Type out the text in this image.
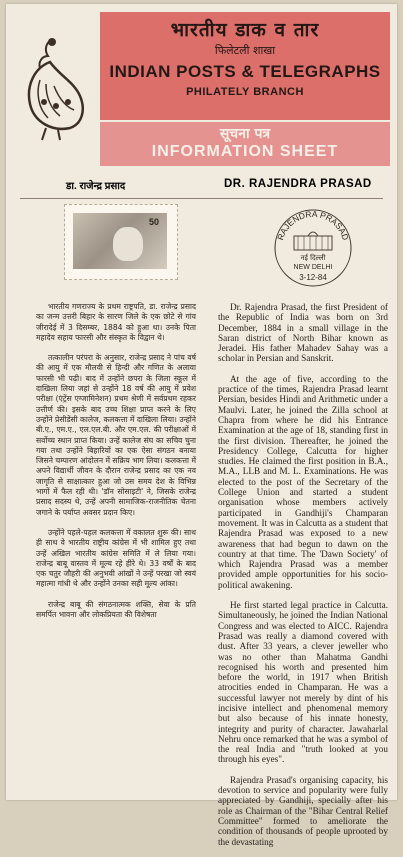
भारतीय डाक व तार
फिलेटली शाखा
INDIAN POSTS & TELEGRAPHS
PHILATELY BRANCH
सूचना पत्र
INFORMATION SHEET
डा. राजेन्द्र प्रसाद	DR. RAJENDRA PRASAD
50
RAJENDRA PRASAD
नई दिल्ली
NEW DELHI
3-12-84

भारतीय गणराज्य के प्रथम राष्ट्रपति, डा. राजेन्द्र प्रसाद का जन्म उत्तरी बिहार के सारण जिले के एक छोटे से गांव जीरादेई में 3 दिसम्बर, 1884 को हुआ था। उनके पिता महादेव सहाय फारसी और संस्कृत के विद्वान थे।

तत्कालीन परंपरा के अनुसार, राजेन्द्र प्रसाद ने पांच वर्ष की आयु में एक मौलवी से हिन्दी और गणित के अलावा फारसी भी पढ़ी। बाद में उन्होंने छपरा के जिला स्कूल में दाखिला लिया जहां से उन्होंने 18 वर्ष की आयु में प्रवेश परीक्षा (एंट्रेंस एग्जामिनेशन) प्रथम श्रेणी में सर्वप्रथम रहकर उत्तीर्ण की। इसके बाद उच्च शिक्षा प्राप्त करने के लिए उन्होंने प्रेसीडेंसी कालेज, कलकत्ता में दाखिला लिया। उन्होंने बी.ए., एम.ए., एल.एल.बी. और एम.एल. की परीक्षाओं में सर्वोच्च स्थान प्राप्त किया। उन्हें कालेज संघ का सचिव चुना गया तथा उन्होंने बिहारियों का एक ऐसा संगठन बनाया जिसने चम्पारण आंदोलन में सक्रिय भाग लिया। कलकत्ता में अपने विद्यार्थी जीवन के दौरान राजेन्द्र प्रसाद का एक नव जागृति से साक्षात्कार हुआ जो उस समय देश के विभिन्न भागों में फैल रही थी। 'डॉन सोसाइटी' ने, जिसके राजेन्द्र प्रसाद सदस्य थे, उन्हें अपनी सामाजिक-राजनीतिक चेतना जगाने के पर्याप्त अवसर प्रदान किए।

उन्होंने पहले-पहल कलकत्ता में वकालत शुरू की। साथ ही साथ वे भारतीय राष्ट्रीय कांग्रेस में भी शामिल हुए तथा उन्हें अखिल भारतीय कांग्रेस समिति में ले लिया गया। राजेन्द्र बाबू वास्तव में मूल्य रहे हीरे थे। 33 वर्षों के बाद एक चतुर जौहरी की अनुभवी आंखों ने उन्हें परखा जो स्वयं महात्मा गांधी थे और उन्होंने उनका सही मूल्य आंका।

राजेन्द्र बाबू की संगठनात्मक शक्ति, सेवा के प्रति समर्पित भावना और लोकप्रियता की विशेषता

Dr. Rajendra Prasad, the first President of the Republic of India was born on 3rd December, 1884 in a small village in the Saran district of North Bihar known as Jeradei. His father Mahadev Sahay was a scholar in Persian and Sanskrit.

At the age of five, according to the practice of the times, Rajendra Prasad learnt Persian, besides Hindi and Arithmetic under a Maulvi. Later, he joined the Zilla school at Chapra from where he did his Entrance Examination at the age of 18, standing first in the first division. Thereafter, he joined the Presidency College, Calcutta for higher studies. He claimed the first position in B.A., M.A., LLB and M. L. Examinations. He was elected to the post of the Secretary of the College Union and started a student organisation whose members actively participated in Gandhiji's Champaran movement. It was in Calcutta as a student that Rajendra Prasad was exposed to a new awareness that had begun to dawn on the country at that time. The 'Dawn Society' of which Rajendra Prasad was a member provided ample opportunities for his socio-political awakening.

He first started legal practice in Calcutta. Simultaneously, he joined the Indian National Congress and was elected to AICC. Rajendra Prasad was really a diamond covered with dust. After 33 years, a clever jeweller who was no other than Mahatma Gandhi recognised his worth and presented him before the world, in 1917 when British atrocities ended in Champaran. He was a successful lawyer not merely by dint of his incisive intellect and phenomenal memory but also because of his innate honesty, integrity and purity of character. Jawaharlal Nehru once remarked that he was a symbol of the real India and "truth looked at you through his eyes".

Rajendra Prasad's organising capacity, his devotion to service and popularity were fully appreciated by Gandhiji, specially after his role as Chairman of the "Bihar Central Relief Committee" formed to ameliorate the condition of thousands of people uprooted by the devastating
